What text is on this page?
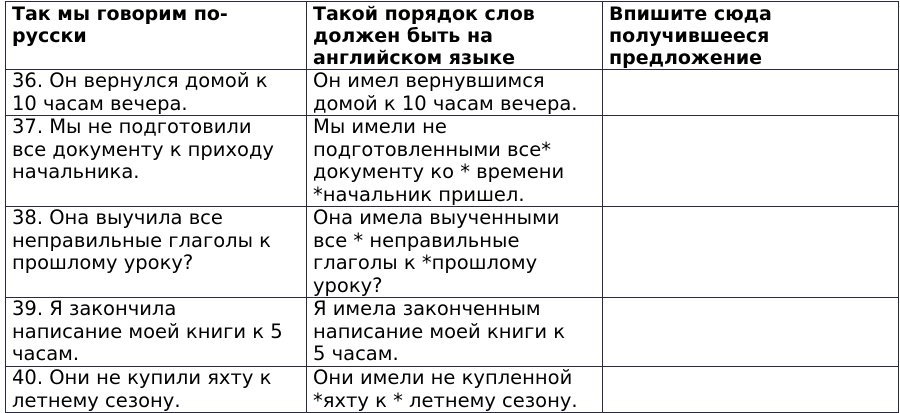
Так мы говорим по-
русски	Такой порядок слов
должен быть на
английском языке	Впишите сюда
получившееся
предложение

36. Он вернулся домой к
10 часам вечера.	Он имел вернувшимся
домой к 10 часам вечера.	

37. Мы не подготовили
все документу к приходу
начальника.	Мы имели не
подготовленными все*
документу ко * времени
*начальник пришел.	

38. Она выучила все
неправильные глаголы к
прошлому уроку?	Она имела выученными
все * неправильные
глаголы к *прошлому
уроку?	

39. Я закончила
написание моей книги к 5
часам.	Я имела законченным
написание моей книги к
5 часам.	

40. Они не купили яхту к
летнему сезону.	Они имели не купленной
*яхту к * летнему сезону.	
